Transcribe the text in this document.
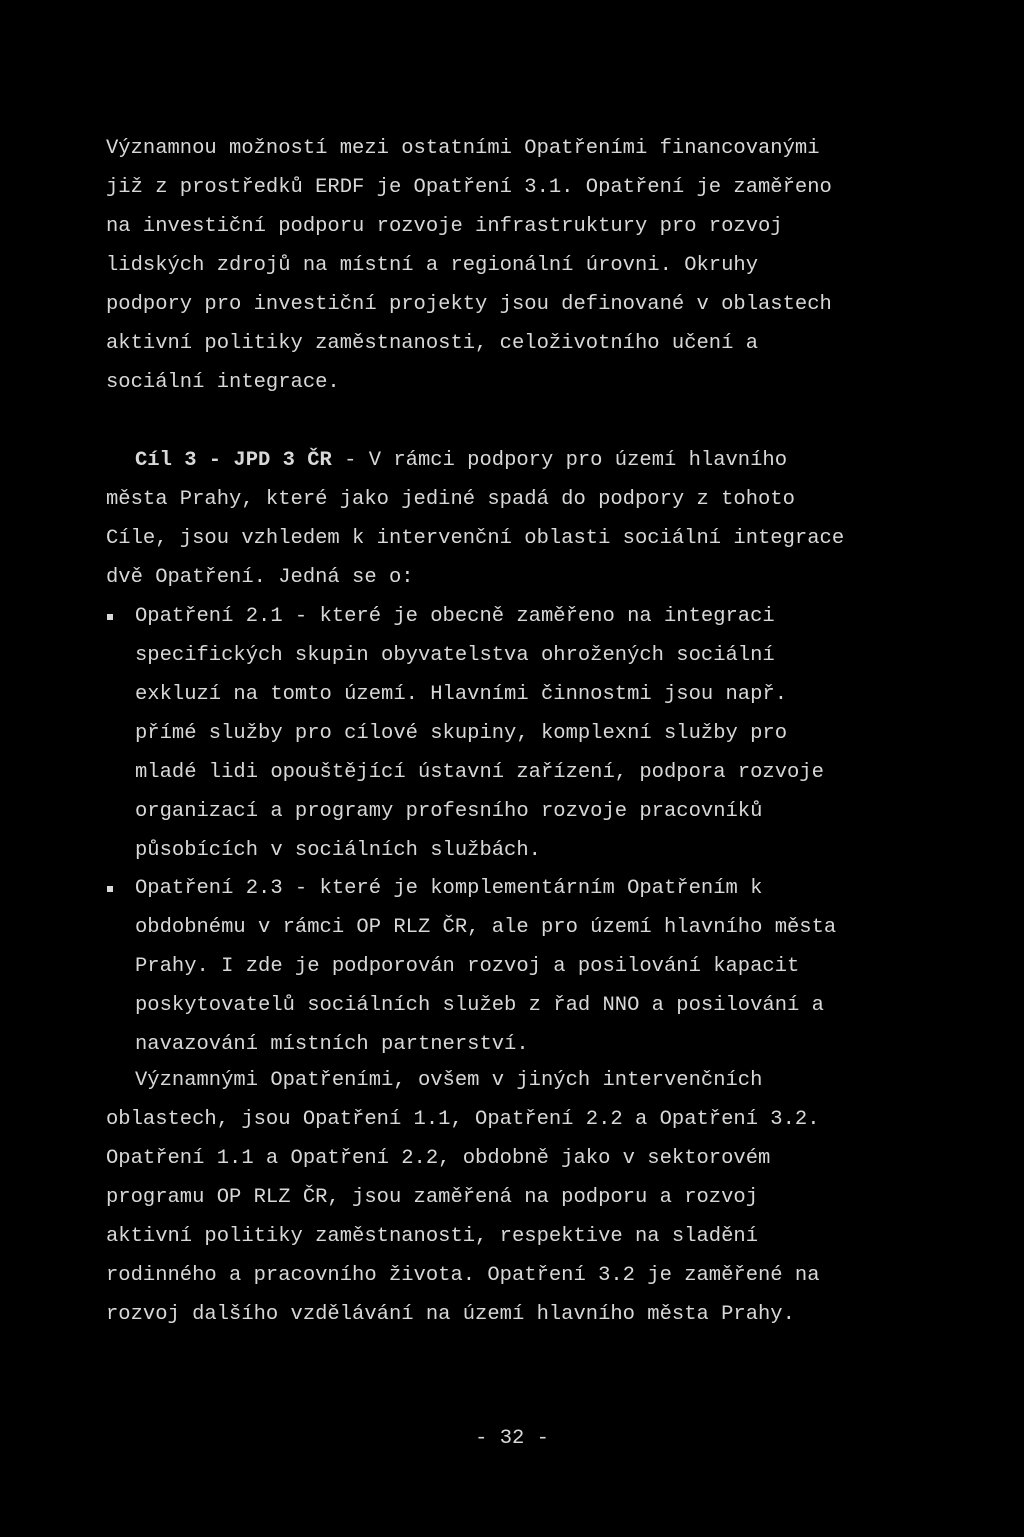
Významnou možností mezi ostatními Opatřeními financovanými
již z prostředků ERDF je Opatření 3.1. Opatření je zaměřeno
na investiční podporu rozvoje infrastruktury pro rozvoj
lidských zdrojů na místní a regionální úrovni. Okruhy
podpory pro investiční projekty jsou definované v oblastech
aktivní politiky zaměstnanosti, celoživotního učení a
sociální integrace.
Cíl 3 - JPD 3 ČR - V rámci podpory pro území hlavního
města Prahy, které jako jediné spadá do podpory z tohoto
Cíle, jsou vzhledem k intervenční oblasti sociální integrace
dvě Opatření. Jedná se o:
Opatření 2.1 - které je obecně zaměřeno na integraci
specifických skupin obyvatelstva ohrožených sociální
exkluzí na tomto území. Hlavními činnostmi jsou např.
přímé služby pro cílové skupiny, komplexní služby pro
mladé lidi opouštějící ústavní zařízení, podpora rozvoje
organizací a programy profesního rozvoje pracovníků
působících v sociálních službách.
Opatření 2.3 - které je komplementárním Opatřením k
obdobnému v rámci OP RLZ ČR, ale pro území hlavního města
Prahy. I zde je podporován rozvoj a posilování kapacit
poskytovatelů sociálních služeb z řad NNO a posilování a
navazování místních partnerství.
Významnými Opatřeními, ovšem v jiných intervenčních
oblastech, jsou Opatření 1.1, Opatření 2.2 a Opatření 3.2.
Opatření 1.1 a Opatření 2.2, obdobně jako v sektorovém
programu OP RLZ ČR, jsou zaměřená na podporu a rozvoj
aktivní politiky zaměstnanosti, respektive na sladění
rodinného a pracovního života. Opatření 3.2 je zaměřené na
rozvoj dalšího vzdělávání na území hlavního města Prahy.
- 32 -
